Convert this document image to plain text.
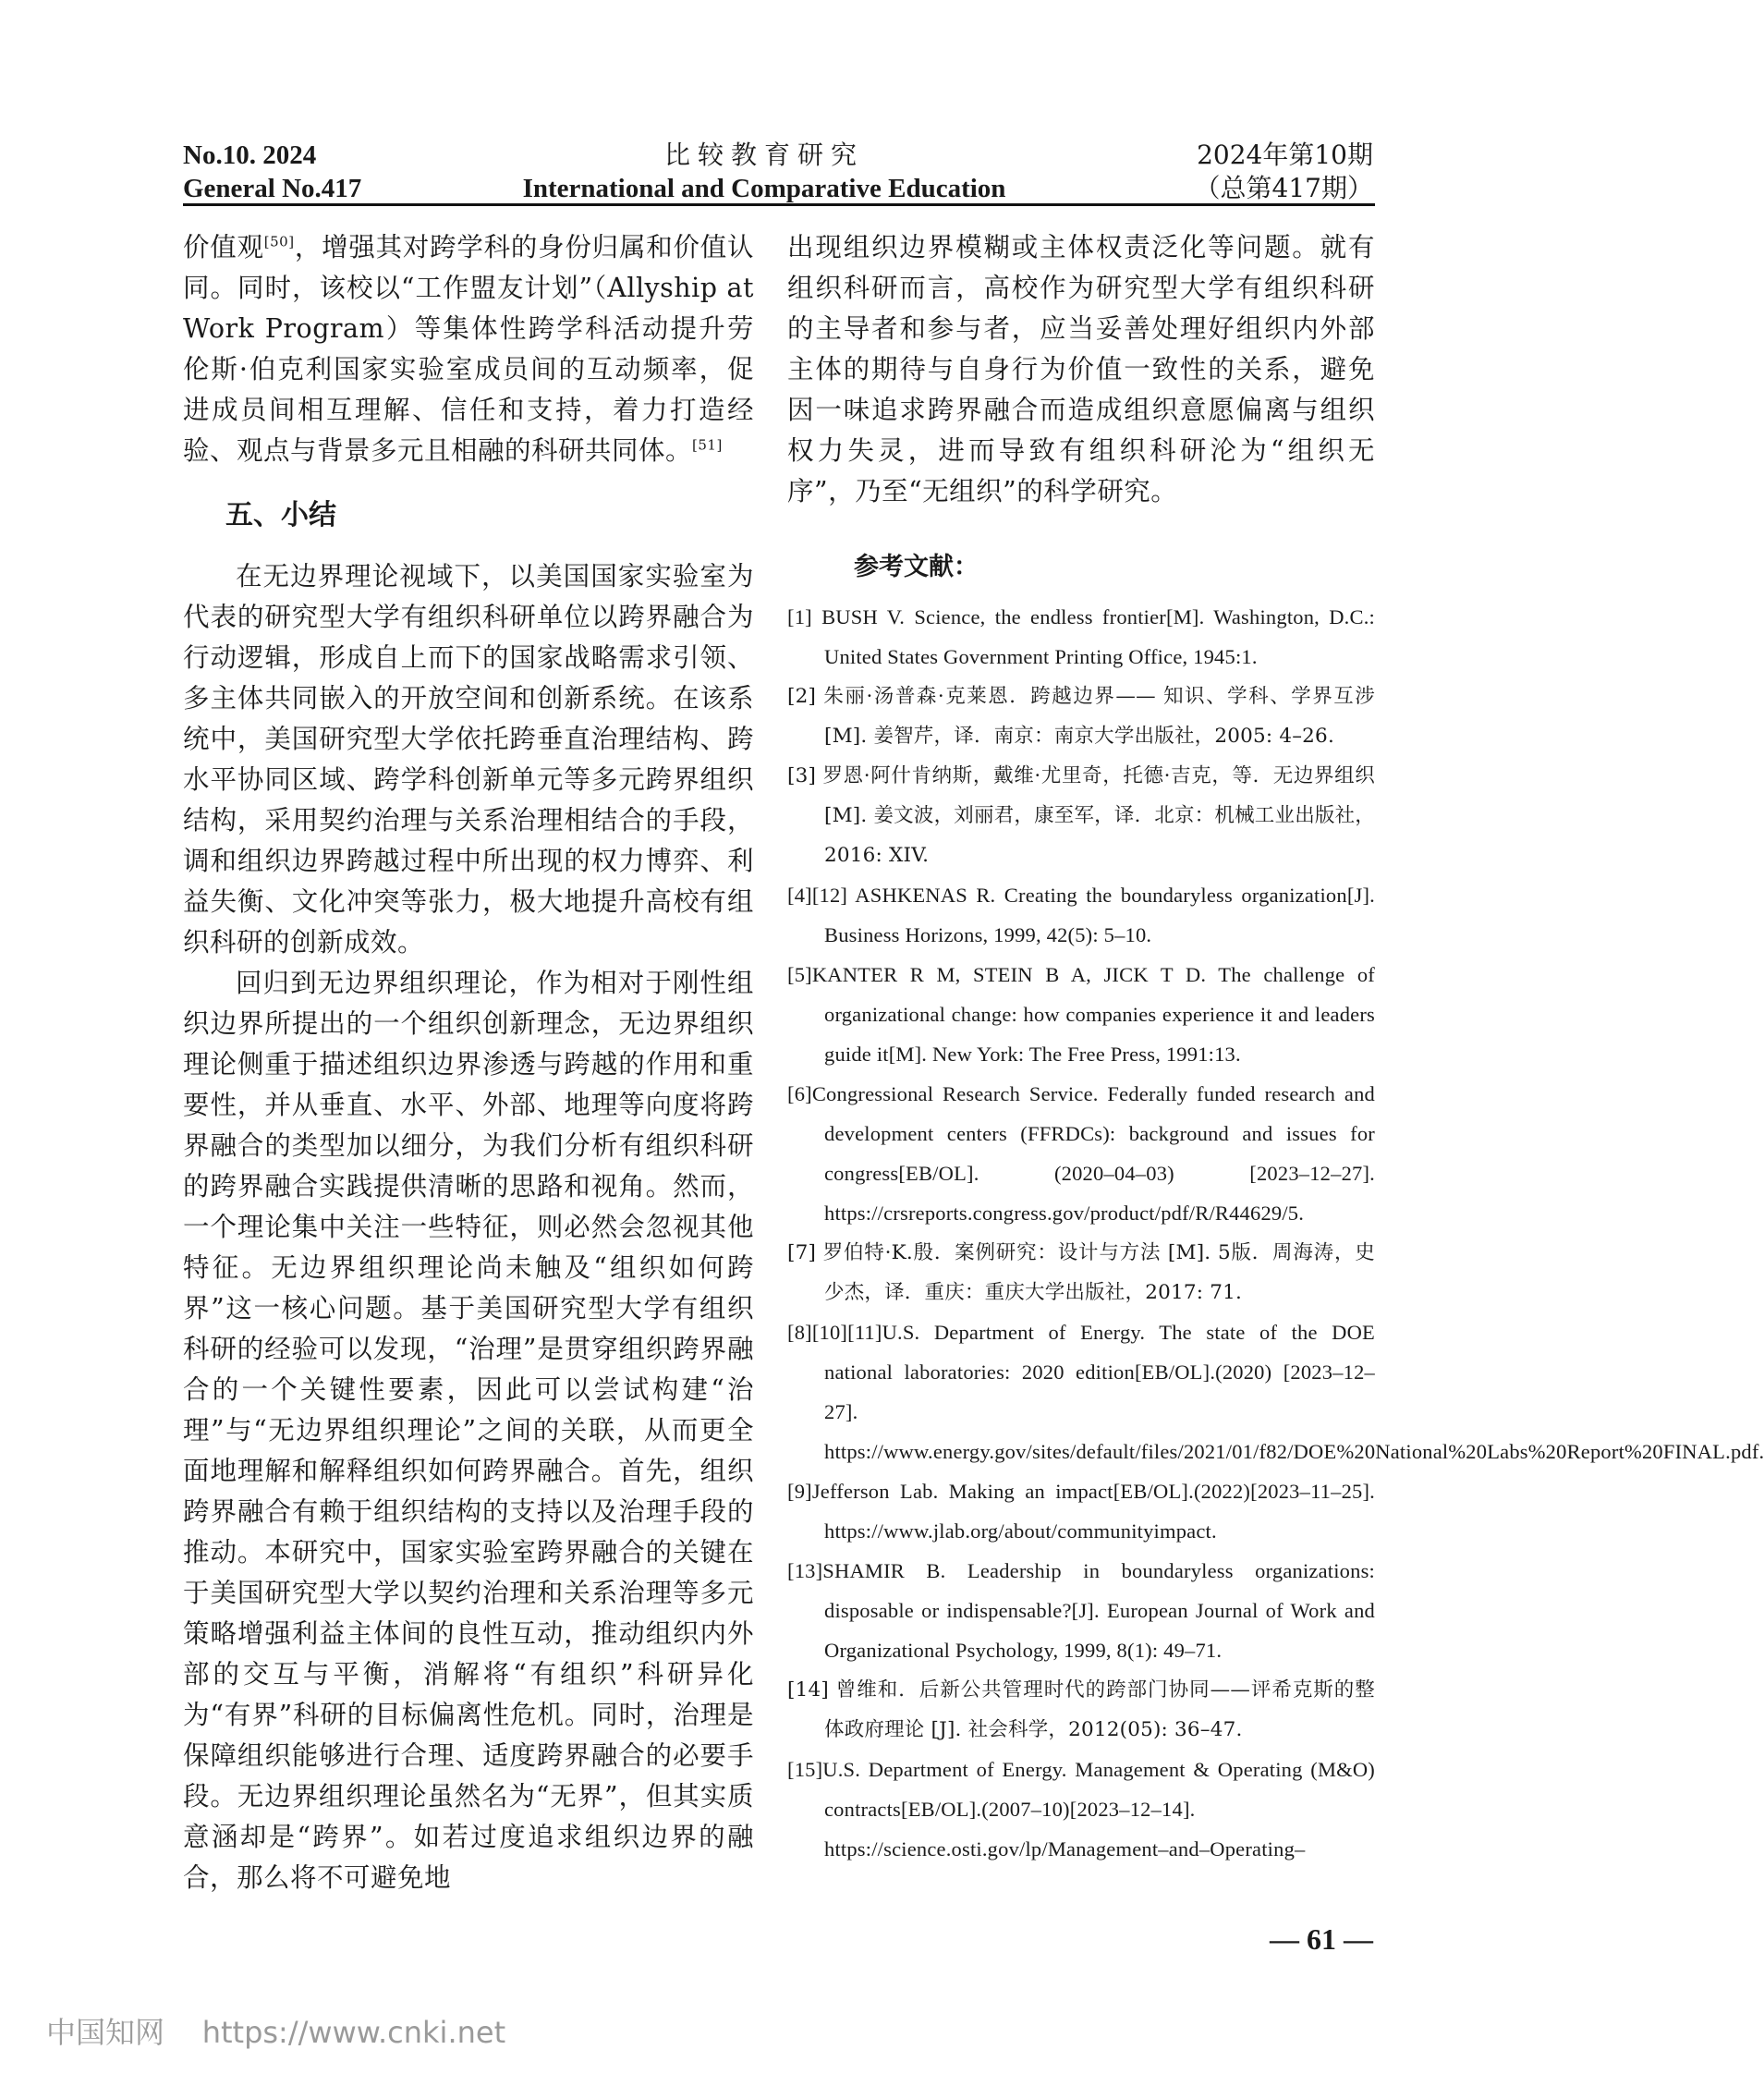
No.10. 2024
General No.417
比较教育研究
International and Comparative Education
2024年第10期
（总第417期）

价值观[50]，增强其对跨学科的身份归属和价值认同。同时，该校以“工作盟友计划”（Allyship at Work Program）等集体性跨学科活动提升劳伦斯·伯克利国家实验室成员间的互动频率，促进成员间相互理解、信任和支持，着力打造经验、观点与背景多元且相融的科研共同体。[51]

五、小结

在无边界理论视域下，以美国国家实验室为代表的研究型大学有组织科研单位以跨界融合为行动逻辑，形成自上而下的国家战略需求引领、多主体共同嵌入的开放空间和创新系统。在该系统中，美国研究型大学依托跨垂直治理结构、跨水平协同区域、跨学科创新单元等多元跨界组织结构，采用契约治理与关系治理相结合的手段，调和组织边界跨越过程中所出现的权力博弈、利益失衡、文化冲突等张力，极大地提升高校有组织科研的创新成效。

回归到无边界组织理论，作为相对于刚性组织边界所提出的一个组织创新理念，无边界组织理论侧重于描述组织边界渗透与跨越的作用和重要性，并从垂直、水平、外部、地理等向度将跨界融合的类型加以细分，为我们分析有组织科研的跨界融合实践提供清晰的思路和视角。然而，一个理论集中关注一些特征，则必然会忽视其他特征。无边界组织理论尚未触及“组织如何跨界”这一核心问题。基于美国研究型大学有组织科研的经验可以发现，“治理”是贯穿组织跨界融合的一个关键性要素，因此可以尝试构建“治理”与“无边界组织理论”之间的关联，从而更全面地理解和解释组织如何跨界融合。首先，组织跨界融合有赖于组织结构的支持以及治理手段的推动。本研究中，国家实验室跨界融合的关键在于美国研究型大学以契约治理和关系治理等多元策略增强利益主体间的良性互动，推动组织内外部的交互与平衡，消解将“有组织”科研异化为“有界”科研的目标偏离性危机。同时，治理是保障组织能够进行合理、适度跨界融合的必要手段。无边界组织理论虽然名为“无界”，但其实质意涵却是“跨界”。如若过度追求组织边界的融合，那么将不可避免地

出现组织边界模糊或主体权责泛化等问题。就有组织科研而言，高校作为研究型大学有组织科研的主导者和参与者，应当妥善处理好组织内外部主体的期待与自身行为价值一致性的关系，避免因一味追求跨界融合而造成组织意愿偏离与组织权力失灵，进而导致有组织科研沦为“组织无序”，乃至“无组织”的科学研究。

参考文献：

[1] BUSH V. Science, the endless frontier[M]. Washington, D.C.: United States Government Printing Office, 1945:1.

[2] 朱丽·汤普森·克莱恩．跨越边界—— 知识、学科、学界互涉 [M]. 姜智芹，译．南京：南京大学出版社，2005: 4–26.

[3] 罗恩·阿什肯纳斯，戴维·尤里奇，托德·吉克，等．无边界组织 [M]. 姜文波，刘丽君，康至军，译．北京：机械工业出版社，2016: XIV.

[4][12] ASHKENAS R. Creating the boundaryless organization[J]. Business Horizons, 1999, 42(5): 5–10.

[5]KANTER R M, STEIN B A, JICK T D. The challenge of organizational change: how companies experience it and leaders guide it[M]. New York: The Free Press, 1991:13.

[6]Congressional Research Service. Federally funded research and development centers (FFRDCs): background and issues for congress[EB/OL]. (2020–04–03) [2023–12–27]. https://crsreports.congress.gov/product/pdf/R/R44629/5.

[7] 罗伯特·K.殷．案例研究：设计与方法 [M]. 5版．周海涛，史少杰，译．重庆：重庆大学出版社，2017: 71.

[8][10][11]U.S. Department of Energy. The state of the DOE national laboratories: 2020 edition[EB/OL].(2020) [2023–12–27]. https://www.energy.gov/sites/default/files/2021/01/f82/DOE%20National%20Labs%20Report%20FINAL.pdf.

[9]Jefferson Lab. Making an impact[EB/OL].(2022)[2023–11–25]. https://www.jlab.org/about/communityimpact.

[13]SHAMIR B. Leadership in boundaryless organizations: disposable or indispensable?[J]. European Journal of Work and Organizational Psychology, 1999, 8(1): 49–71.

[14] 曾维和．后新公共管理时代的跨部门协同——评希克斯的整体政府理论 [J]. 社会科学，2012(05): 36–47.

[15]U.S. Department of Energy. Management & Operating (M&O) contracts[EB/OL].(2007–10)[2023–12–14]. https://science.osti.gov/lp/Management–and–Operating–

— 61 —
中国知网    https://www.cnki.net
